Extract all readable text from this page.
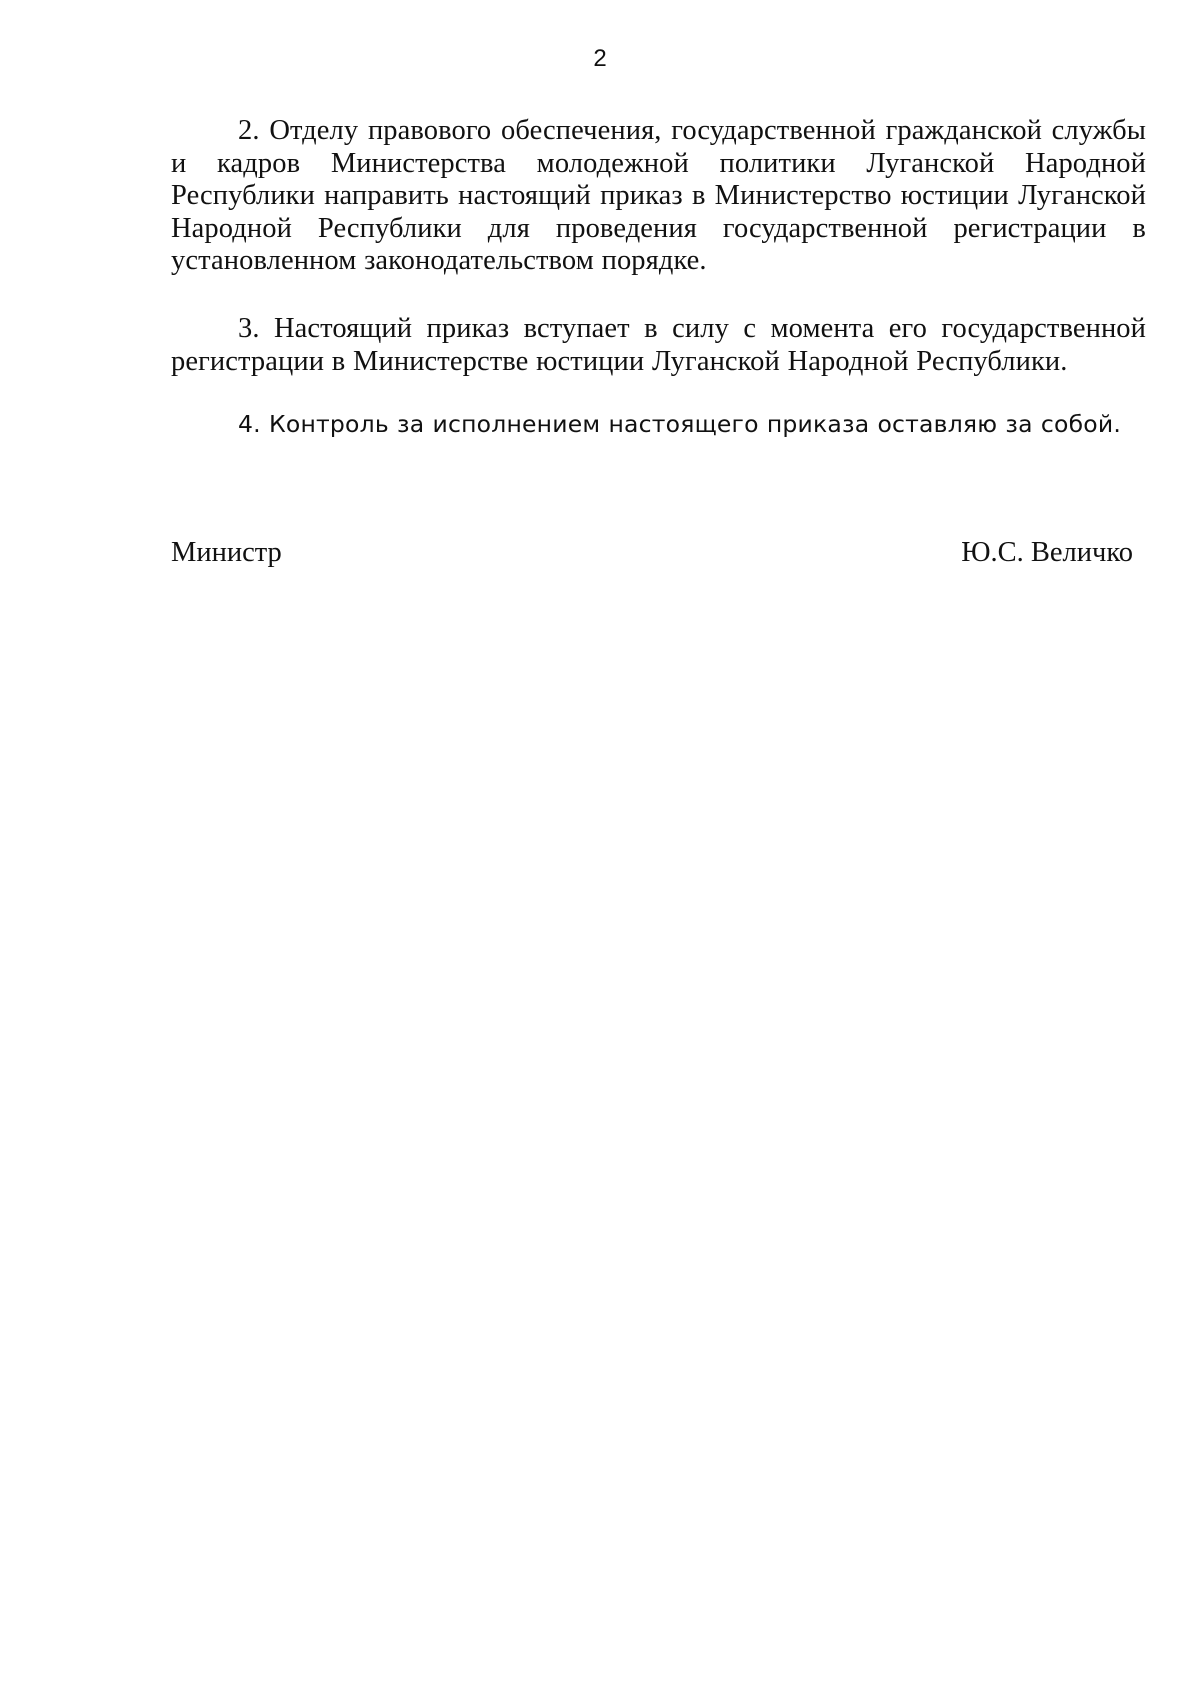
2

2. Отделу правового обеспечения, государственной гражданской службы и кадров Министерства молодежной политики Луганской Народной Республики направить настоящий приказ в Министерство юстиции Луганской Народной Республики для проведения государственной регистрации в установленном законодательством порядке.

3. Настоящий приказ вступает в силу с момента его государственной регистрации в Министерстве юстиции Луганской Народной Республики.

4. Контроль за исполнением настоящего приказа оставляю за собой.

Министр	Ю.С. Величко
